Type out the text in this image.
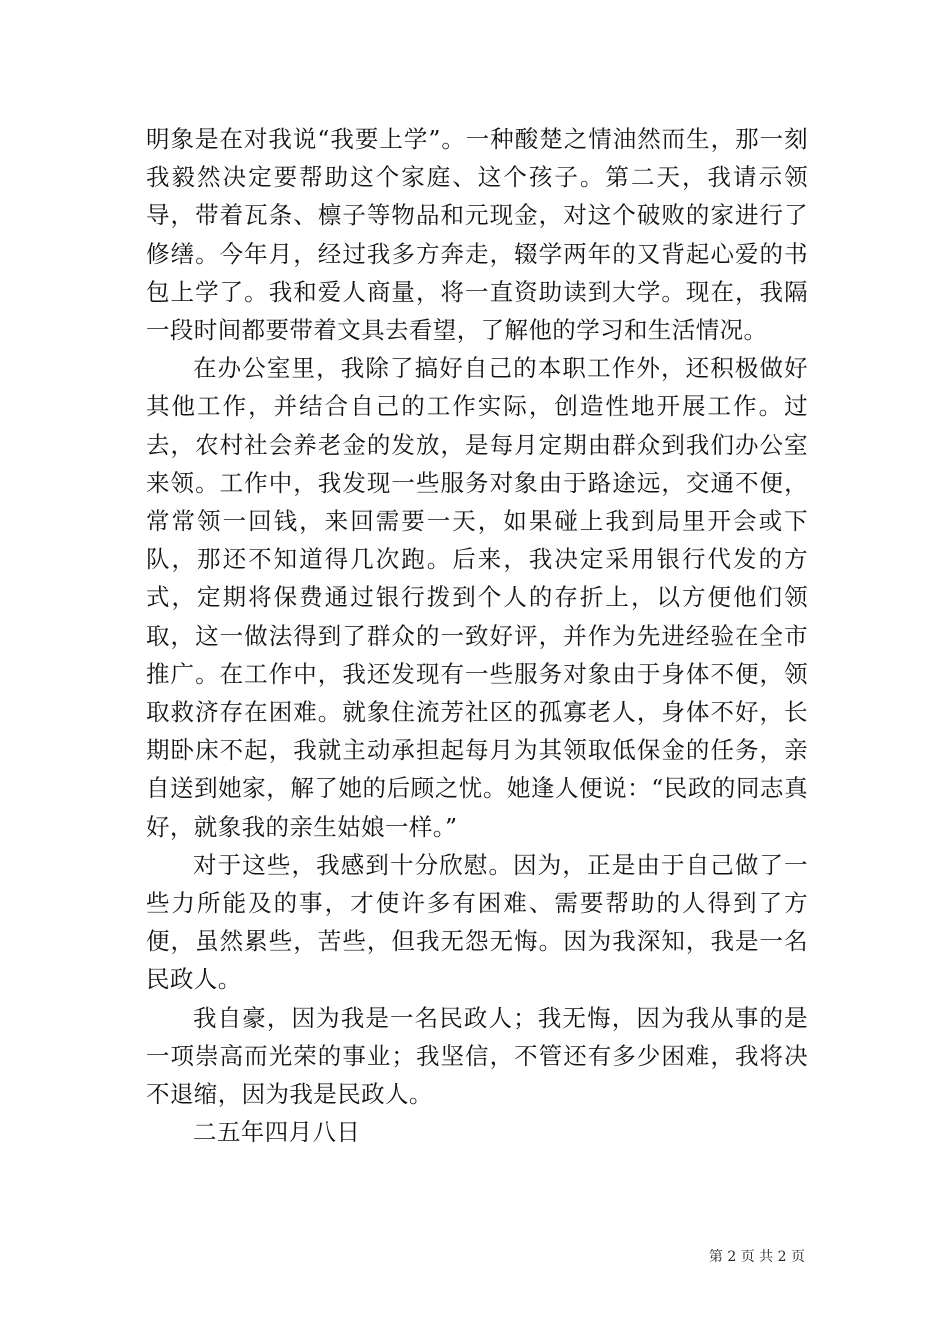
明象是在对我说“我要上学”。一种酸楚之情油然而生，那一刻我毅然决定要帮助这个家庭、这个孩子。第二天，我请示领导，带着瓦条、檩子等物品和元现金，对这个破败的家进行了修缮。今年月，经过我多方奔走，辍学两年的又背起心爱的书包上学了。我和爱人商量，将一直资助读到大学。现在，我隔一段时间都要带着文具去看望，了解他的学习和生活情况。

在办公室里，我除了搞好自己的本职工作外，还积极做好其他工作，并结合自己的工作实际，创造性地开展工作。过去，农村社会养老金的发放，是每月定期由群众到我们办公室来领。工作中，我发现一些服务对象由于路途远，交通不便，常常领一回钱，来回需要一天，如果碰上我到局里开会或下队，那还不知道得几次跑。后来，我决定采用银行代发的方式，定期将保费通过银行拨到个人的存折上，以方便他们领取，这一做法得到了群众的一致好评，并作为先进经验在全市推广。在工作中，我还发现有一些服务对象由于身体不便，领取救济存在困难。就象住流芳社区的孤寡老人，身体不好，长期卧床不起，我就主动承担起每月为其领取低保金的任务，亲自送到她家，解了她的后顾之忧。她逢人便说：“民政的同志真好，就象我的亲生姑娘一样。”

对于这些，我感到十分欣慰。因为，正是由于自己做了一些力所能及的事，才使许多有困难、需要帮助的人得到了方便，虽然累些，苦些，但我无怨无悔。因为我深知，我是一名民政人。

我自豪，因为我是一名民政人；我无悔，因为我从事的是一项崇高而光荣的事业；我坚信，不管还有多少困难，我将决不退缩，因为我是民政人。

二五年四月八日

第 2 页 共 2 页
